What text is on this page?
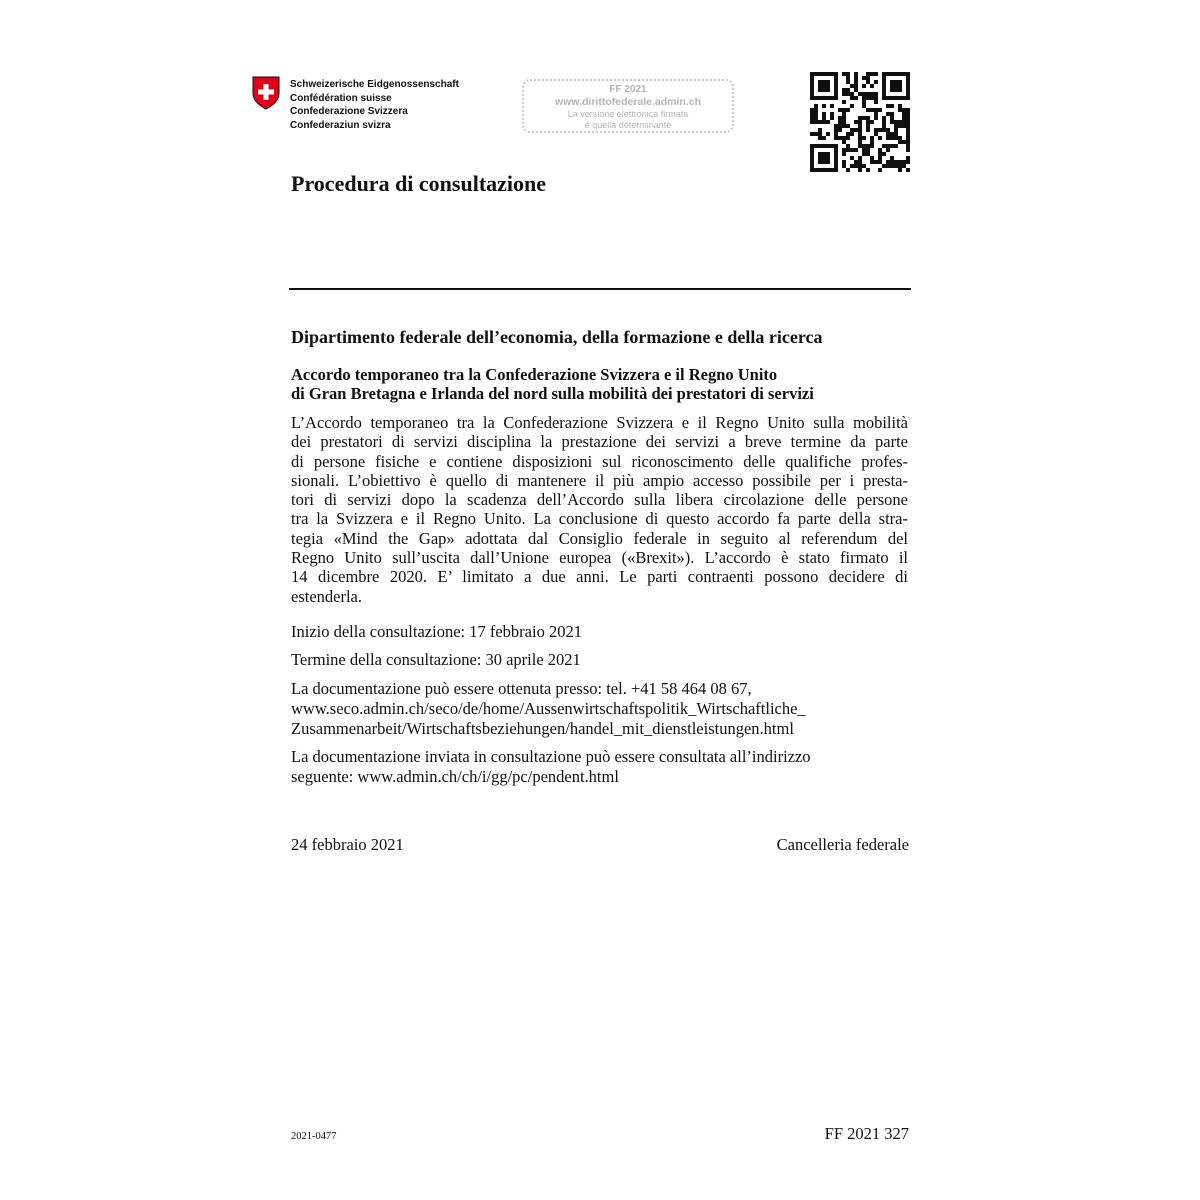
Schweizerische Eidgenossenschaft
Confédération suisse
Confederazione Svizzera
Confederaziun svizra
FF 2021
www.dirittofederale.admin.ch
La versione elettronica firmata
è quella determinante
Procedura di consultazione
Dipartimento federale dell’economia, della formazione e della ricerca
Accordo temporaneo tra la Confederazione Svizzera e il Regno Unito
di Gran Bretagna e Irlanda del nord sulla mobilità dei prestatori di servizi
L’Accordo temporaneo tra la Confederazione Svizzera e il Regno Unito sulla mobilità
dei prestatori di servizi disciplina la prestazione dei servizi a breve termine da parte
di persone fisiche e contiene disposizioni sul riconoscimento delle qualifiche profes-
sionali. L’obiettivo è quello di mantenere il più ampio accesso possibile per i presta-
tori di servizi dopo la scadenza dell’Accordo sulla libera circolazione delle persone
tra la Svizzera e il Regno Unito. La conclusione di questo accordo fa parte della stra-
tegia «Mind the Gap» adottata dal Consiglio federale in seguito al referendum del
Regno Unito sull’uscita dall’Unione europea («Brexit»). L’accordo è stato firmato il
14 dicembre 2020. E’ limitato a due anni. Le parti contraenti possono decidere di
estenderla.
Inizio della consultazione: 17 febbraio 2021
Termine della consultazione: 30 aprile 2021
La documentazione può essere ottenuta presso: tel. +41 58 464 08 67,
www.seco.admin.ch/seco/de/home/Aussenwirtschaftspolitik_Wirtschaftliche_
Zusammenarbeit/Wirtschaftsbeziehungen/handel_mit_dienstleistungen.html
La documentazione inviata in consultazione può essere consultata all’indirizzo
seguente: www.admin.ch/ch/i/gg/pc/pendent.html
24 febbraio 2021	Cancelleria federale
2021-0477	FF 2021 327
